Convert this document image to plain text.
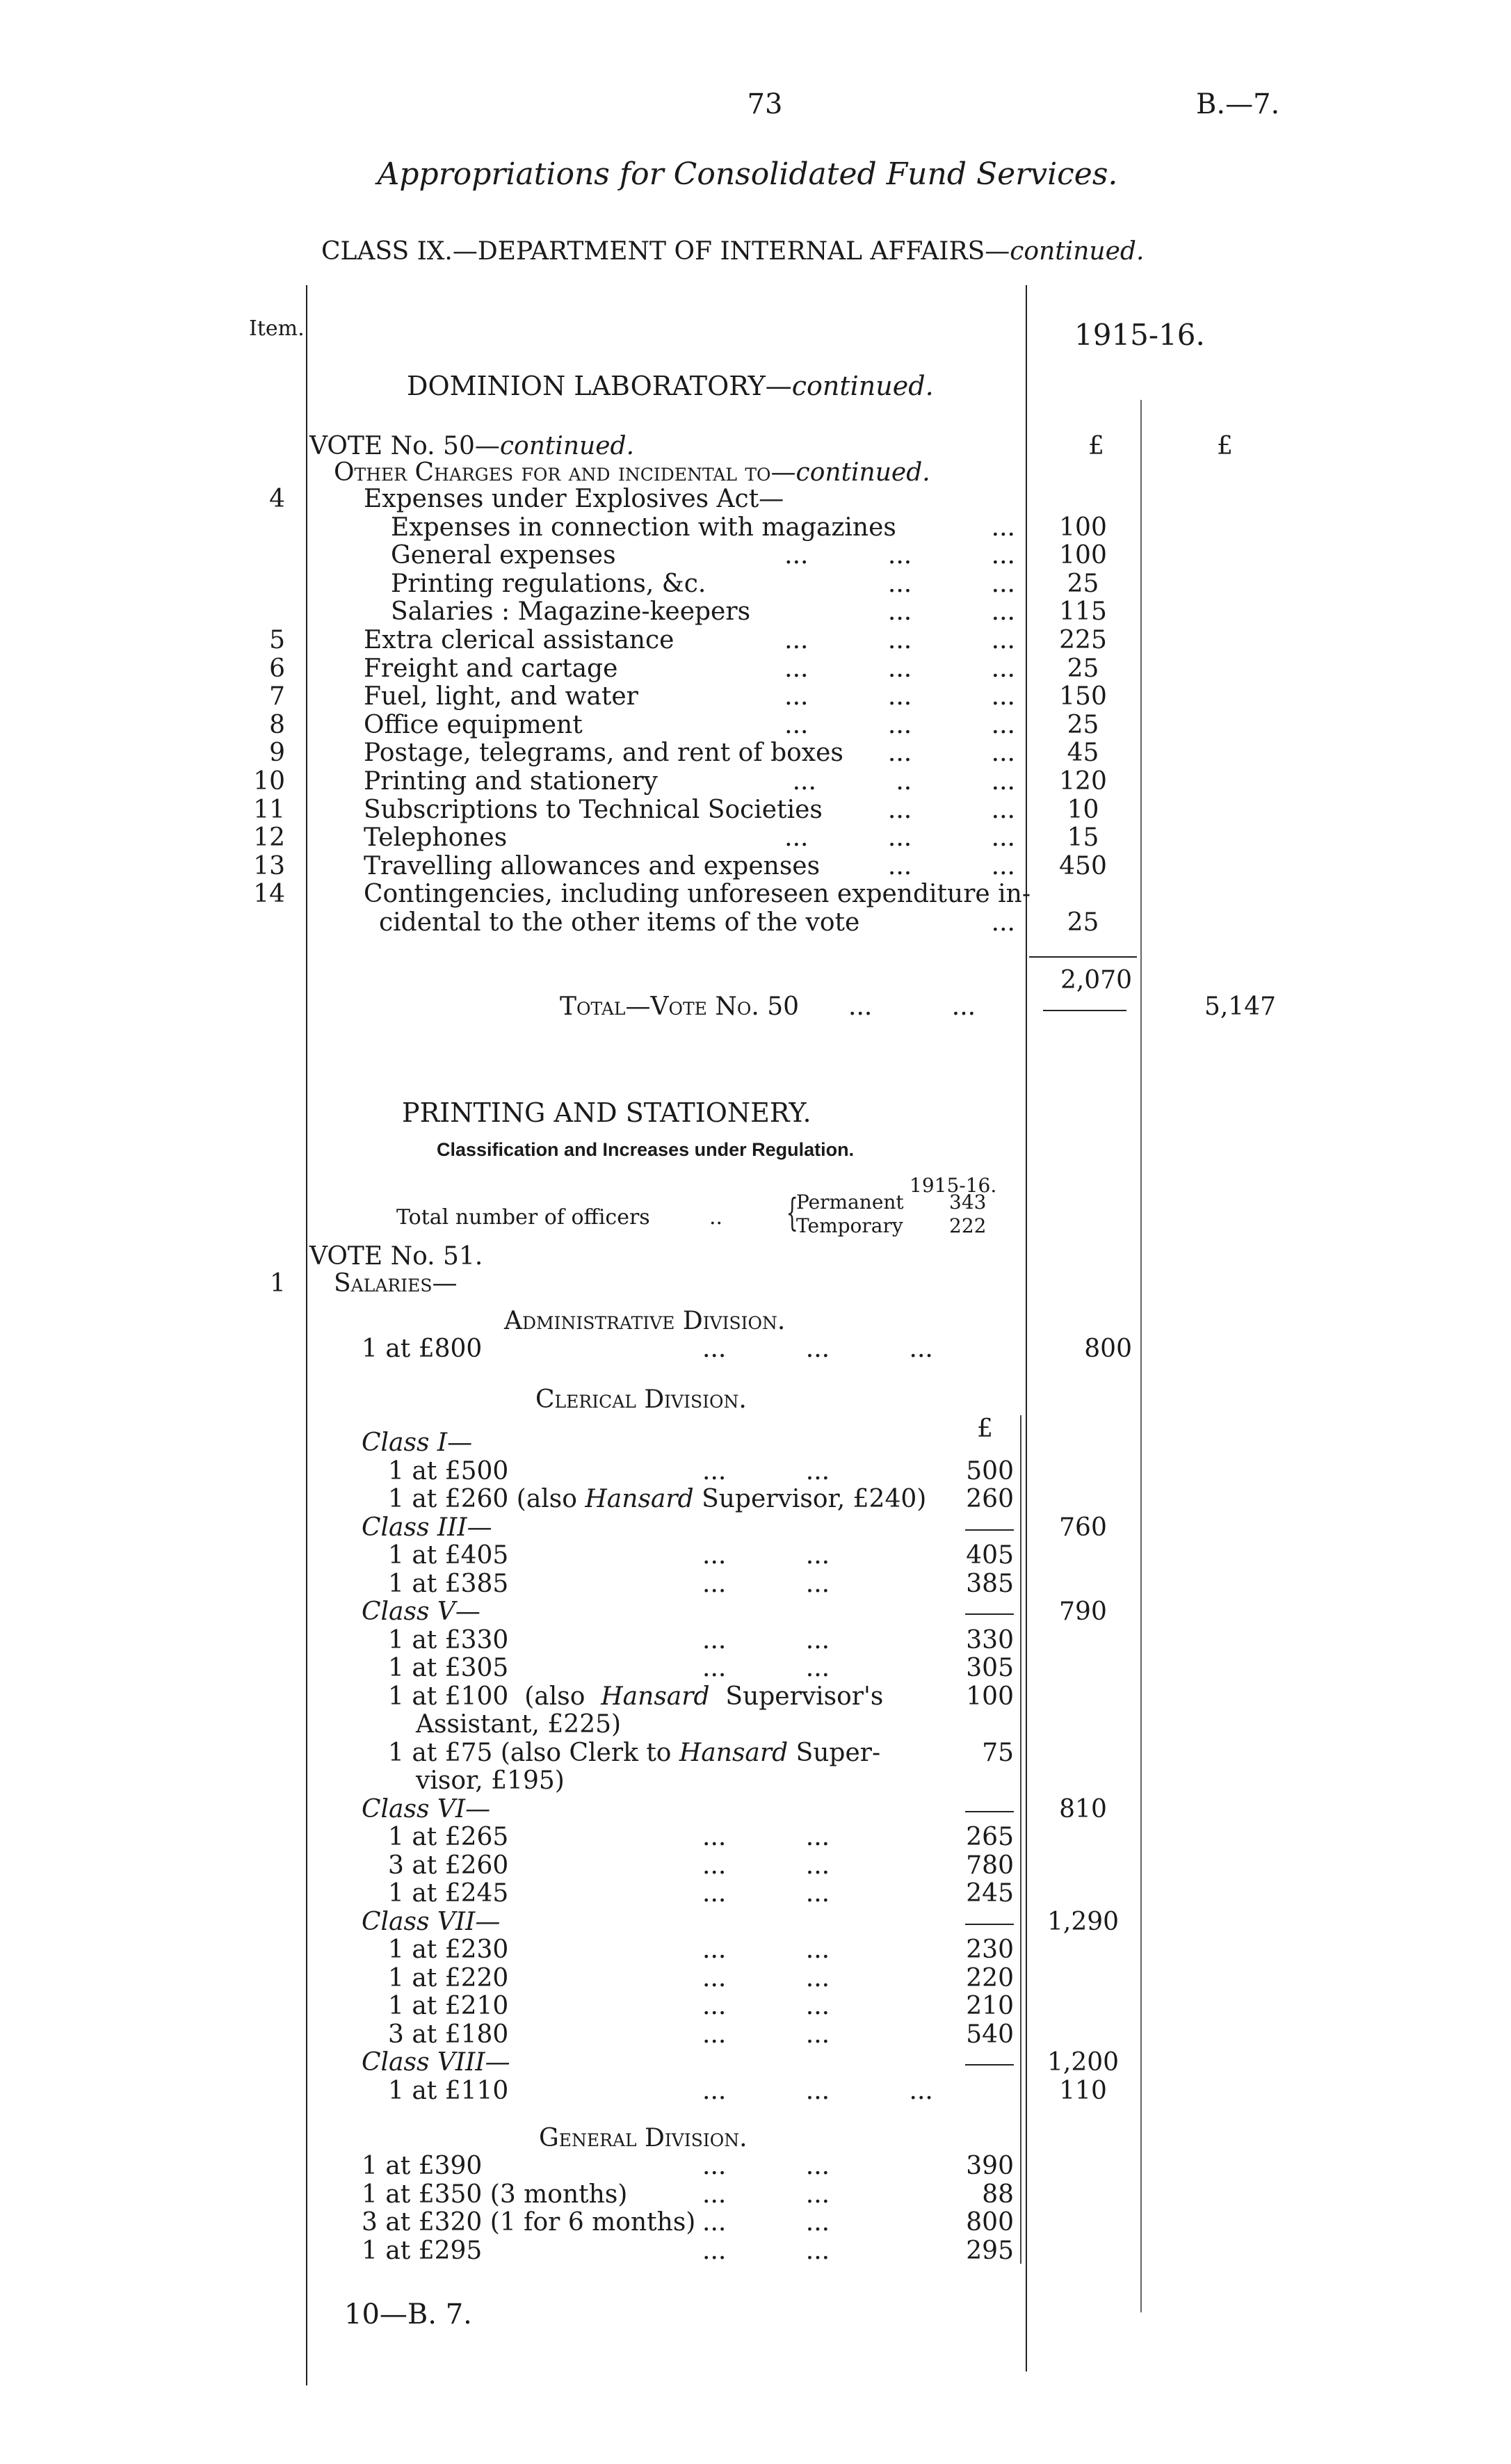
73	B.—7.
Appropriations for Consolidated Fund Services.
CLASS IX.—DEPARTMENT OF INTERNAL AFFAIRS—continued.
Item.	1915-16.
£	£
DOMINION LABORATORY—continued.
VOTE No. 50—continued.
Other Charges for and incidental to—continued.
4	Expenses under Explosives Act—
Expenses in connection with magazines	...	100
General expenses	...          ...          ...	100
Printing regulations, &c.	...          ...	25
Salaries : Magazine-keepers	...          ...	115
5	Extra clerical assistance	...          ...          ...	225
6	Freight and cartage	...          ...          ...	25
7	Fuel, light, and water	...          ...          ...	150
8	Office equipment	...          ...          ...	25
9	Postage, telegrams, and rent of boxes ...          ...	45
10	Printing and stationery	...          ..          ...	120
11	Subscriptions to Technical Societies	...          ...	10
12	Telephones	...          ...          ...	15
13	Travelling allowances and expenses	...          ...	450
14	Contingencies, including unforeseen expenditure in-
cidental to the other items of the vote	...	25
2,070
Total—Vote No. 50 ...          ...	5,147
PRINTING AND STATIONERY.
Classification and Increases under Regulation.
1915-16.
Total number of officers	.. {
Permanent 343
Temporary 222
VOTE No. 51.
1 Salaries—
Administrative Division.
1 at £800	...          ...          ...	800
Clerical Division.
£
Class I—
1 at £500	...          ...	500
1 at £260 (also Hansard Supervisor, £240)	260
Class III—	760
1 at £405	...          ...	405
1 at £385	...          ...	385
Class V—	790
1 at £330	...          ...	330
1 at £305	...          ...	305
1 at £100  (also  Hansard  Supervisor's	100
Assistant, £225)
1 at £75 (also Clerk to Hansard Super-	75
visor, £195)
Class VI—	810
1 at £265	...          ...	265
3 at £260	...          ...	780
1 at £245	...          ...	245
Class VII—	1,290
1 at £230	...          ...	230
1 at £220	...          ...	220
1 at £210	...          ...	210
3 at £180	...          ...	540
Class VIII—	1,200
1 at £110	...          ...          ...	110
General Division.
1 at £390	...          ...	390
1 at £350 (3 months)	...          ...	88
3 at £320 (1 for 6 months) ...          ...	800
1 at £295	...          ...	295
10—B. 7.
